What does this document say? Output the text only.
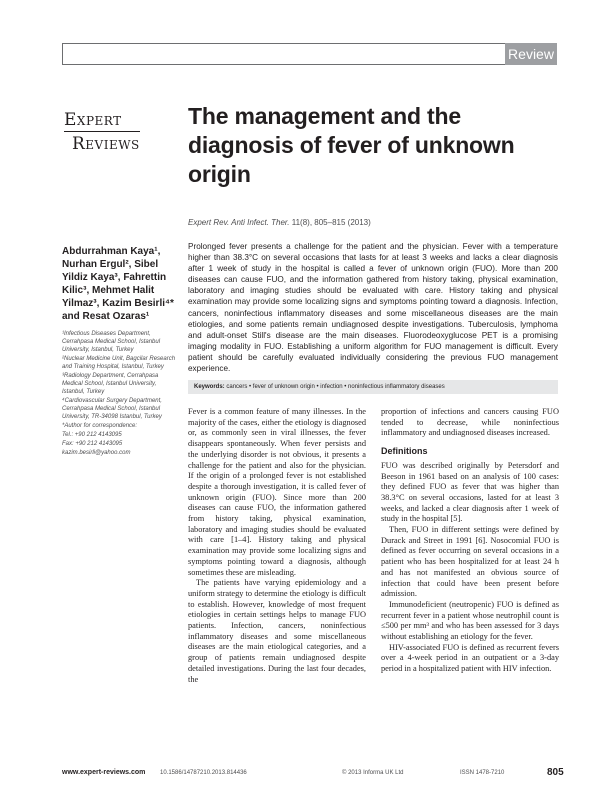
Review
Expert
Reviews
The management and the diagnosis of fever of unknown origin
Expert Rev. Anti Infect. Ther. 11(8), 805–815 (2013)
Abdurrahman Kaya¹, Nurhan Ergul², Sibel Yildiz Kaya³, Fahrettin Kilic³, Mehmet Halit Yilmaz³, Kazim Besirli⁴* and Resat Ozaras¹

¹Infectious Diseases Department, Cerrahpasa Medical School, Istanbul University, Istanbul, Turkey

²Nuclear Medicine Unit, Bagcilar Research and Training Hospital, Istanbul, Turkey

³Radiology Department, Cerrahpasa Medical School, Istanbul University, Istanbul, Turkey

⁴Cardiovascular Surgery Department, Cerrahpasa Medical School, Istanbul University, TR-34098 Istanbul, Turkey

*Author for correspondence:

Tel.: +90 212 4143095

Fax: +90 212 4143095

kazim.besirli@yahoo.com

Prolonged fever presents a challenge for the patient and the physician. Fever with a temperature higher than 38.3°C on several occasions that lasts for at least 3 weeks and lacks a clear diagnosis after 1 week of study in the hospital is called a fever of unknown origin (FUO). More than 200 diseases can cause FUO, and the information gathered from history taking, physical examination, laboratory and imaging studies should be evaluated with care. History taking and physical examination may provide some localizing signs and symptoms pointing toward a diagnosis. Infection, cancers, noninfectious inflammatory diseases and some miscellaneous diseases are the main etiologies, and some patients remain undiagnosed despite investigations. Tuberculosis, lymphoma and adult-onset Still's disease are the main diseases. Fluorodeoxyglucose PET is a promising imaging modality in FUO. Establishing a uniform algorithm for FUO management is difficult. Every patient should be carefully evaluated individually considering the previous FUO management experience.

Keywords: cancers • fever of unknown origin • infection • noninfectious inflammatory diseases

Fever is a common feature of many illnesses. In the majority of the cases, either the etiology is diagnosed or, as commonly seen in viral illnesses, the fever disappears spontaneously. When fever persists and the underlying disorder is not obvious, it presents a challenge for the patient and also for the physician. If the origin of a prolonged fever is not established despite a thorough investigation, it is called fever of unknown origin (FUO). Since more than 200 diseases can cause FUO, the information gathered from history taking, physical examination, laboratory and imaging studies should be evaluated with care [1–4]. History taking and physical examination may provide some localizing signs and symptoms pointing toward a diagnosis, although sometimes these are misleading.

The patients have varying epidemiology and a uniform strategy to determine the etiology is difficult to establish. However, knowledge of most frequent etiologies in certain settings helps to manage FUO patients. Infection, cancers, noninfectious inflammatory diseases and some miscellaneous diseases are the main etiological categories, and a group of patients remain undiagnosed despite detailed investigations. During the last four decades, the

proportion of infections and cancers causing FUO tended to decrease, while noninfectious inflammatory and undiagnosed diseases increased.

Definitions

FUO was described originally by Petersdorf and Beeson in 1961 based on an analysis of 100 cases: they defined FUO as fever that was higher than 38.3°C on several occasions, lasted for at least 3 weeks, and lacked a clear diagnosis after 1 week of study in the hospital [5].

Then, FUO in different settings were defined by Durack and Street in 1991 [6]. Nosocomial FUO is defined as fever occurring on several occasions in a patient who has been hospitalized for at least 24 h and has not manifested an obvious source of infection that could have been present before admission.

Immunodeficient (neutropenic) FUO is defined as recurrent fever in a patient whose neutrophil count is ≤500 per mm³ and who has been assessed for 3 days without establishing an etiology for the fever.

HIV-associated FUO is defined as recurrent fevers over a 4-week period in an outpatient or a 3-day period in a hospitalized patient with HIV infection.

www.expert-reviews.com 10.1586/14787210.2013.814436	© 2013 Informa UK Ltd	ISSN 1478-7210	805
